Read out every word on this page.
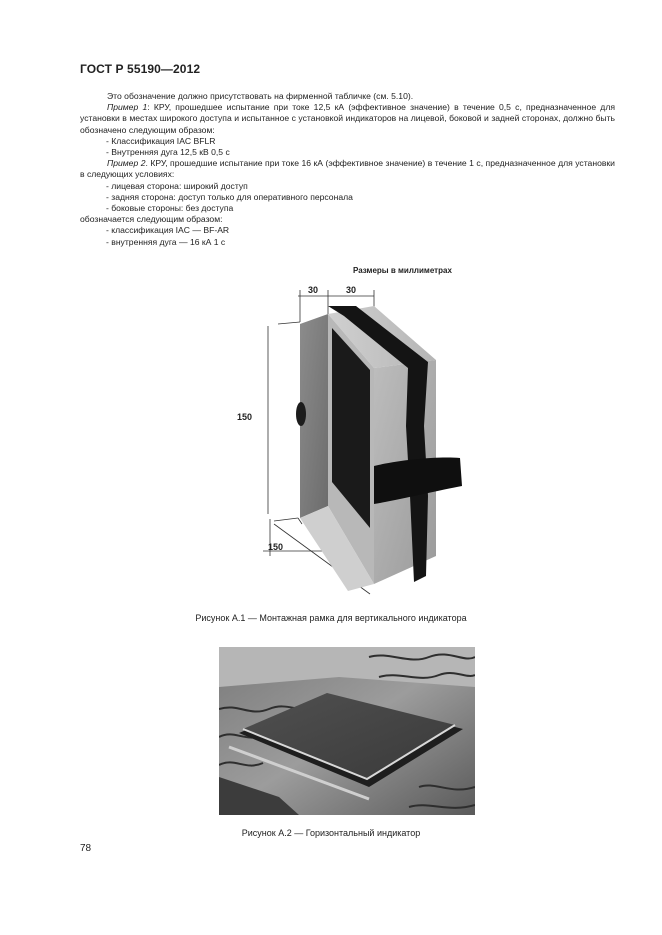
ГОСТ Р 55190—2012

Это обозначение должно присутствовать на фирменной табличке (см. 5.10).

Пример 1: КРУ, прошедшее испытание при токе 12,5 кА (эффективное значение) в течение 0,5 с, предназначенное для установки в местах широкого доступа и испытанное с установкой индикаторов на лицевой, боковой и задней сторонах, должно быть обозначено следующим образом:

- Классификация IAC BFLR

- Внутренняя дуга 12,5 кВ 0,5 с

Пример 2. КРУ, прошедшие испытание при токе 16 кА (эффективное значение) в течение 1 с, предназначенное для установки в следующих условиях:

- лицевая сторона: широкий доступ

- задняя сторона: доступ только для оперативного персонала

- боковые стороны: без доступа

обозначается следующим образом:

- классификация IAC — BF-AR

- внутренняя дуга — 16 кА 1 с

Размеры в миллиметрах
30	30
150
150
Рисунок А.1 — Монтажная рамка для вертикального индикатора
Рисунок А.2 — Горизонтальный индикатор
78
